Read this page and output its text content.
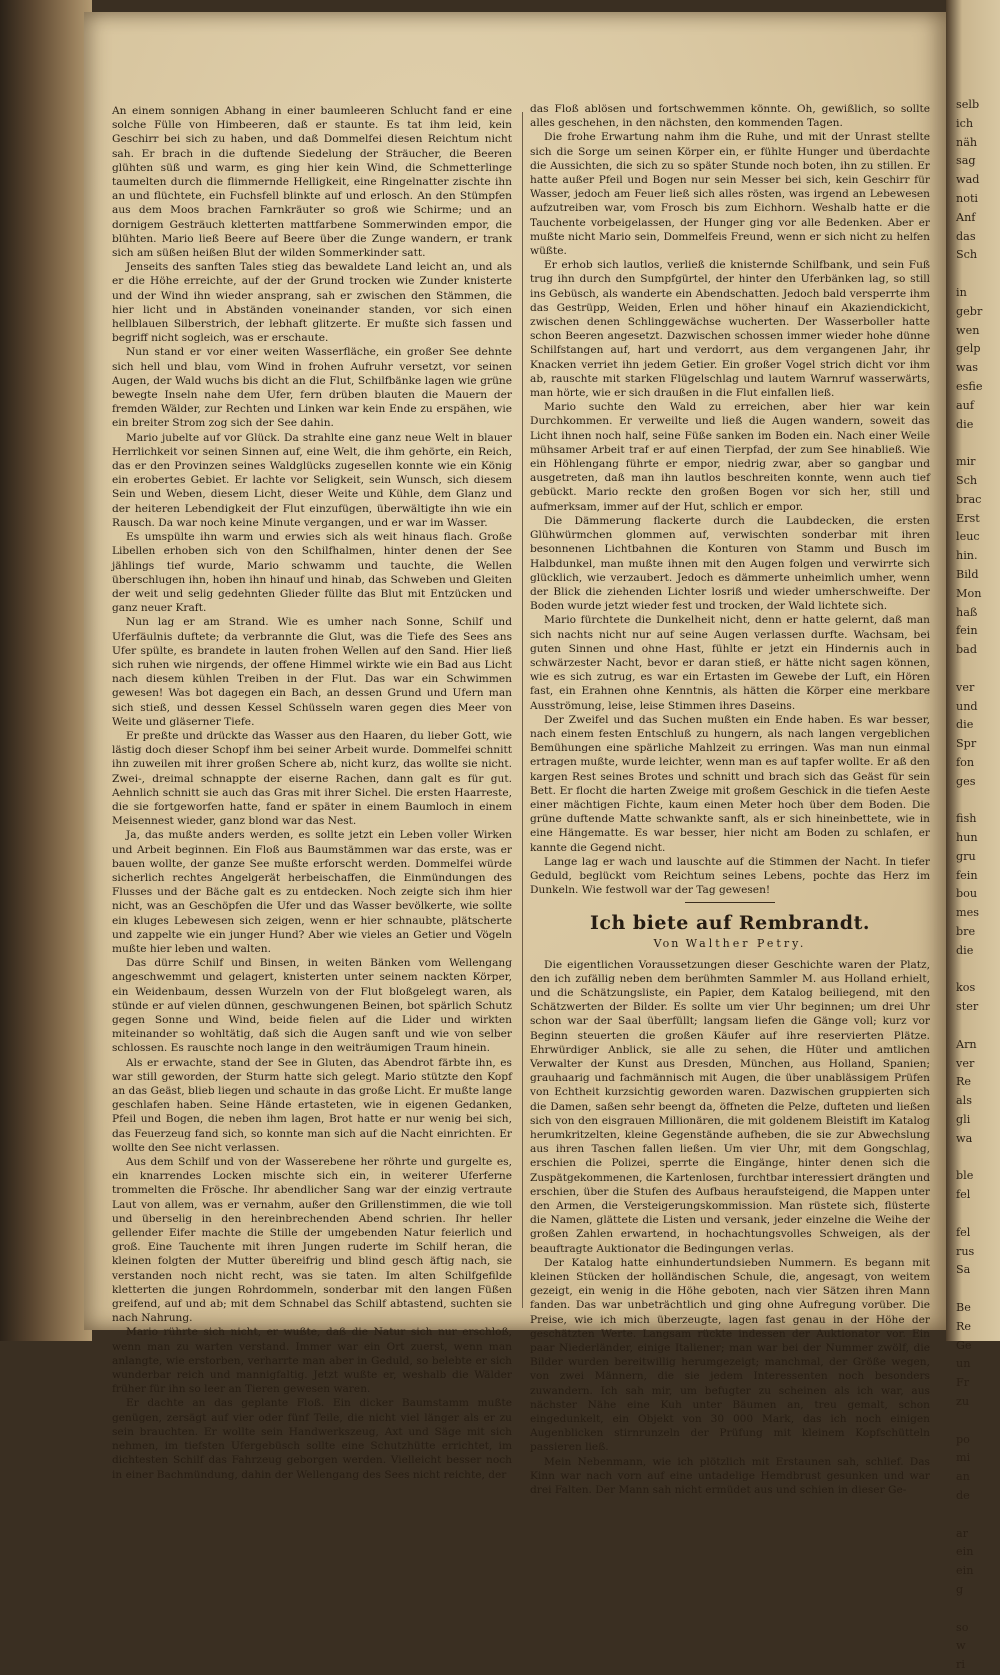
An einem sonnigen Abhang in einer baumleeren Schlucht fand er eine solche Fülle von Himbeeren, daß er staunte. Es tat ihm leid, kein Geschirr bei sich zu haben, und daß Dommelfei diesen Reichtum nicht sah. Er brach in die duftende Siedelung der Sträucher, die Beeren glühten süß und warm, es ging hier kein Wind, die Schmetterlinge taumelten durch die flimmernde Helligkeit, eine Ringelnatter zischte ihn an und flüchtete, ein Fuchsfell blinkte auf und erlosch. An den Stümpfen aus dem Moos brachen Farnkräuter so groß wie Schirme; und an dornigem Gesträuch kletterten mattfarbene Sommerwinden empor, die blühten. Mario ließ Beere auf Beere über die Zunge wandern, er trank sich am süßen heißen Blut der wilden Sommerkinder satt.

Jenseits des sanften Tales stieg das bewaldete Land leicht an, und als er die Höhe erreichte, auf der der Grund trocken wie Zunder knisterte und der Wind ihn wieder ansprang, sah er zwischen den Stämmen, die hier licht und in Abständen voneinander standen, vor sich einen hellblauen Silberstrich, der lebhaft glitzerte. Er mußte sich fassen und begriff nicht sogleich, was er erschaute.

Nun stand er vor einer weiten Wasserfläche, ein großer See dehnte sich hell und blau, vom Wind in frohen Aufruhr versetzt, vor seinen Augen, der Wald wuchs bis dicht an die Flut, Schilfbänke lagen wie grüne bewegte Inseln nahe dem Ufer, fern drüben blauten die Mauern der fremden Wälder, zur Rechten und Linken war kein Ende zu erspähen, wie ein breiter Strom zog sich der See dahin.

Mario jubelte auf vor Glück. Da strahlte eine ganz neue Welt in blauer Herrlichkeit vor seinen Sinnen auf, eine Welt, die ihm gehörte, ein Reich, das er den Provinzen seines Waldglücks zugesellen konnte wie ein König ein erobertes Gebiet. Er lachte vor Seligkeit, sein Wunsch, sich diesem Sein und Weben, diesem Licht, dieser Weite und Kühle, dem Glanz und der heiteren Lebendigkeit der Flut einzufügen, überwältigte ihn wie ein Rausch. Da war noch keine Minute vergangen, und er war im Wasser.

Es umspülte ihn warm und erwies sich als weit hinaus flach. Große Libellen erhoben sich von den Schilfhalmen, hinter denen der See jählings tief wurde, Mario schwamm und tauchte, die Wellen überschlugen ihn, hoben ihn hinauf und hinab, das Schweben und Gleiten der weit und selig gedehnten Glieder füllte das Blut mit Entzücken und ganz neuer Kraft.

Nun lag er am Strand. Wie es umher nach Sonne, Schilf und Uferfäulnis duftete; da verbrannte die Glut, was die Tiefe des Sees ans Ufer spülte, es brandete in lauten frohen Wellen auf den Sand. Hier ließ sich ruhen wie nirgends, der offene Himmel wirkte wie ein Bad aus Licht nach diesem kühlen Treiben in der Flut. Das war ein Schwimmen gewesen! Was bot dagegen ein Bach, an dessen Grund und Ufern man sich stieß, und dessen Kessel Schüsseln waren gegen dies Meer von Weite und gläserner Tiefe.

Er preßte und drückte das Wasser aus den Haaren, du lieber Gott, wie lästig doch dieser Schopf ihm bei seiner Arbeit wurde. Dommelfei schnitt ihn zuweilen mit ihrer großen Schere ab, nicht kurz, das wollte sie nicht. Zwei-, dreimal schnappte der eiserne Rachen, dann galt es für gut. Aehnlich schnitt sie auch das Gras mit ihrer Sichel. Die ersten Haarreste, die sie fortgeworfen hatte, fand er später in einem Baumloch in einem Meisennest wieder, ganz blond war das Nest.

Ja, das mußte anders werden, es sollte jetzt ein Leben voller Wirken und Arbeit beginnen. Ein Floß aus Baumstämmen war das erste, was er bauen wollte, der ganze See mußte erforscht werden. Dommelfei würde sicherlich rechtes Angelgerät herbeischaffen, die Einmündungen des Flusses und der Bäche galt es zu entdecken. Noch zeigte sich ihm hier nicht, was an Geschöpfen die Ufer und das Wasser bevölkerte, wie sollte ein kluges Lebewesen sich zeigen, wenn er hier schnaubte, plätscherte und zappelte wie ein junger Hund? Aber wie vieles an Getier und Vögeln mußte hier leben und walten.

Das dürre Schilf und Binsen, in weiten Bänken vom Wellengang angeschwemmt und gelagert, knisterten unter seinem nackten Körper, ein Weidenbaum, dessen Wurzeln von der Flut bloßgelegt waren, als stünde er auf vielen dünnen, geschwungenen Beinen, bot spärlich Schutz gegen Sonne und Wind, beide fielen auf die Lider und wirkten miteinander so wohltätig, daß sich die Augen sanft und wie von selber schlossen. Es rauschte noch lange in den weiträumigen Traum hinein.

Als er erwachte, stand der See in Gluten, das Abendrot färbte ihn, es war still geworden, der Sturm hatte sich gelegt. Mario stützte den Kopf an das Geäst, blieb liegen und schaute in das große Licht. Er mußte lange geschlafen haben. Seine Hände ertasteten, wie in eigenen Gedanken, Pfeil und Bogen, die neben ihm lagen, Brot hatte er nur wenig bei sich, das Feuerzeug fand sich, so konnte man sich auf die Nacht einrichten. Er wollte den See nicht verlassen.

Aus dem Schilf und von der Wasserebene her röhrte und gurgelte es, ein knarrendes Locken mischte sich ein, in weiterer Uferferne trommelten die Frösche. Ihr abendlicher Sang war der einzig vertraute Laut von allem, was er vernahm, außer den Grillenstimmen, die wie toll und überselig in den hereinbrechenden Abend schrien. Ihr heller gellender Eifer machte die Stille der umgebenden Natur feierlich und groß. Eine Tauchente mit ihren Jungen ruderte im Schilf heran, die kleinen folgten der Mutter übereifrig und blind gesch äftig nach, sie verstanden noch nicht recht, was sie taten. Im alten Schilfgefilde kletterten die jungen Rohrdommeln, sonderbar mit den langen Füßen greifend, auf und ab; mit dem Schnabel das Schilf abtastend, suchten sie nach Nahrung.

Mario rührte sich nicht, er wußte, daß die Natur sich nur erschloß, wenn man zu warten verstand. Immer war ein Ort zuerst, wenn man anlangte, wie erstorben, verharrte man aber in Geduld, so belebte er sich wunderbar reich und mannigfaltig. Jetzt wußte er, weshalb die Wälder früher für ihn so leer an Tieren gewesen waren.

Er dachte an das geplante Floß. Ein dicker Baumstamm mußte genügen, zersägt auf vier oder fünf Teile, die nicht viel länger als er zu sein brauchten. Er wollte sein Handwerkszeug, Axt und Säge mit sich nehmen, im tiefsten Ufergebüsch sollte eine Schutzhütte errichtet, im dichtesten Schilf das Fahrzeug geborgen werden. Vielleicht besser noch in einer Bachmündung, dahin der Wellengang des Sees nicht reichte, der

das Floß ablösen und fortschwemmen könnte. Oh, gewißlich, so sollte alles geschehen, in den nächsten, den kommenden Tagen.

Die frohe Erwartung nahm ihm die Ruhe, und mit der Unrast stellte sich die Sorge um seinen Körper ein, er fühlte Hunger und überdachte die Aussichten, die sich zu so später Stunde noch boten, ihn zu stillen. Er hatte außer Pfeil und Bogen nur sein Messer bei sich, kein Geschirr für Wasser, jedoch am Feuer ließ sich alles rösten, was irgend an Lebewesen aufzutreiben war, vom Frosch bis zum Eichhorn. Weshalb hatte er die Tauchente vorbeigelassen, der Hunger ging vor alle Bedenken. Aber er mußte nicht Mario sein, Dommelfeis Freund, wenn er sich nicht zu helfen wüßte.

Er erhob sich lautlos, verließ die knisternde Schilfbank, und sein Fuß trug ihn durch den Sumpfgürtel, der hinter den Uferbänken lag, so still ins Gebüsch, als wanderte ein Abendschatten. Jedoch bald versperrte ihm das Gestrüpp, Weiden, Erlen und höher hinauf ein Akaziendickicht, zwischen denen Schlinggewächse wucherten. Der Wasserboller hatte schon Beeren angesetzt. Dazwischen schossen immer wieder hohe dünne Schilfstangen auf, hart und verdorrt, aus dem vergangenen Jahr, ihr Knacken verriet ihn jedem Getier. Ein großer Vogel strich dicht vor ihm ab, rauschte mit starken Flügelschlag und lautem Warnruf wasserwärts, man hörte, wie er sich draußen in die Flut einfallen ließ.

Mario suchte den Wald zu erreichen, aber hier war kein Durchkommen. Er verweilte und ließ die Augen wandern, soweit das Licht ihnen noch half, seine Füße sanken im Boden ein. Nach einer Weile mühsamer Arbeit traf er auf einen Tierpfad, der zum See hinabließ. Wie ein Höhlengang führte er empor, niedrig zwar, aber so gangbar und ausgetreten, daß man ihn lautlos beschreiten konnte, wenn auch tief gebückt. Mario reckte den großen Bogen vor sich her, still und aufmerksam, immer auf der Hut, schlich er empor.

Die Dämmerung flackerte durch die Laubdecken, die ersten Glühwürmchen glommen auf, verwischten sonderbar mit ihren besonnenen Lichtbahnen die Konturen von Stamm und Busch im Halbdunkel, man mußte ihnen mit den Augen folgen und verwirrte sich glücklich, wie verzaubert. Jedoch es dämmerte unheimlich umher, wenn der Blick die ziehenden Lichter losriß und wieder umherschweifte. Der Boden wurde jetzt wieder fest und trocken, der Wald lichtete sich.

Mario fürchtete die Dunkelheit nicht, denn er hatte gelernt, daß man sich nachts nicht nur auf seine Augen verlassen durfte. Wachsam, bei guten Sinnen und ohne Hast, fühlte er jetzt ein Hindernis auch in schwärzester Nacht, bevor er daran stieß, er hätte nicht sagen können, wie es sich zutrug, es war ein Ertasten im Gewebe der Luft, ein Hören fast, ein Erahnen ohne Kenntnis, als hätten die Körper eine merkbare Ausströmung, leise, leise Stimmen ihres Daseins.

Der Zweifel und das Suchen mußten ein Ende haben. Es war besser, nach einem festen Entschluß zu hungern, als nach langen vergeblichen Bemühungen eine spärliche Mahlzeit zu erringen. Was man nun einmal ertragen mußte, wurde leichter, wenn man es auf tapfer wollte. Er aß den kargen Rest seines Brotes und schnitt und brach sich das Geäst für sein Bett. Er flocht die harten Zweige mit großem Geschick in die tiefen Aeste einer mächtigen Fichte, kaum einen Meter hoch über dem Boden. Die grüne duftende Matte schwankte sanft, als er sich hineinbettete, wie in eine Hängematte. Es war besser, hier nicht am Boden zu schlafen, er kannte die Gegend nicht.

Lange lag er wach und lauschte auf die Stimmen der Nacht. In tiefer Geduld, beglückt vom Reichtum seines Lebens, pochte das Herz im Dunkeln. Wie festwoll war der Tag gewesen!

Ich biete auf Rembrandt.
Von Walther Petry.

Die eigentlichen Voraussetzungen dieser Geschichte waren der Platz, den ich zufällig neben dem berühmten Sammler M. aus Holland erhielt, und die Schätzungsliste, ein Papier, dem Katalog beiliegend, mit den Schätzwerten der Bilder. Es sollte um vier Uhr beginnen; um drei Uhr schon war der Saal überfüllt; langsam liefen die Gänge voll; kurz vor Beginn steuerten die großen Käufer auf ihre reservierten Plätze. Ehrwürdiger Anblick, sie alle zu sehen, die Hüter und amtlichen Verwalter der Kunst aus Dresden, München, aus Holland, Spanien; grauhaarig und fachmännisch mit Augen, die über unablässigem Prüfen von Echtheit kurzsichtig geworden waren. Dazwischen gruppierten sich die Damen, saßen sehr beengt da, öffneten die Pelze, dufteten und ließen sich von den eisgrauen Millionären, die mit goldenem Bleistift im Katalog herumkritzelten, kleine Gegenstände aufheben, die sie zur Abwechslung aus ihren Taschen fallen ließen. Um vier Uhr, mit dem Gongschlag, erschien die Polizei, sperrte die Eingänge, hinter denen sich die Zuspätgekommenen, die Kartenlosen, furchtbar interessiert drängten und erschien, über die Stufen des Aufbaus heraufsteigend, die Mappen unter den Armen, die Versteigerungskommission. Man rüstete sich, flüsterte die Namen, glättete die Listen und versank, jeder einzelne die Weihe der großen Zahlen erwartend, in hochachtungsvolles Schweigen, als der beauftragte Auktionator die Bedingungen verlas.

Der Katalog hatte einhundertundsieben Nummern. Es begann mit kleinen Stücken der holländischen Schule, die, angesagt, von weitem gezeigt, ein wenig in die Höhe geboten, nach vier Sätzen ihren Mann fanden. Das war unbeträchtlich und ging ohne Aufregung vorüber. Die Preise, wie ich mich überzeugte, lagen fast genau in der Höhe der geschätzten Werte. Langsam rückte indessen der Auktionator vor. Ein paar Niederländer, einige Italiener; man war bei der Nummer zwölf, die Bilder wurden bereitwillig herumgezeigt; manchmal, der Größe wegen, von zwei Männern, die sie jedem Interessenten noch besonders zuwandern. Ich sah mir, um befugter zu scheinen als ich war, aus nächster Nähe eine Kuh unter Bäumen an, treu gemalt, schon eingedunkelt, ein Objekt von 30 000 Mark, das ich noch einigen Augenblicken stirnrunzeln der Prüfung mit kleinem Kopfschütteln passieren ließ.

Mein Nebenmann, wie ich plötzlich mit Erstaunen sah, schlief. Das Kinn war nach vorn auf eine untadelige Hemdbrust gesunken und war drei Falten. Der Mann sah nicht ermüdet aus und schien in dieser Ge-

selb
ich
näh
sag
wad
noti
Anf
das
Sch

in
gebr
wen
gelp
was
esfie
auf
die

mir
Sch
brac
Erst
leuc
hin.
Bild
Mon
haß
fein
bad

ver
und
die
Spr
fon
ges

fish
hun
gru
fein
bou
mes
bre
die

kos
ster

Arn
ver
Re
als
gli
wa

ble
fel

fel
rus
Sa

Be
Re
Ge
un
Fr
zu

po
mi
an
de

ar
ein
ein
g

so
w
ri
